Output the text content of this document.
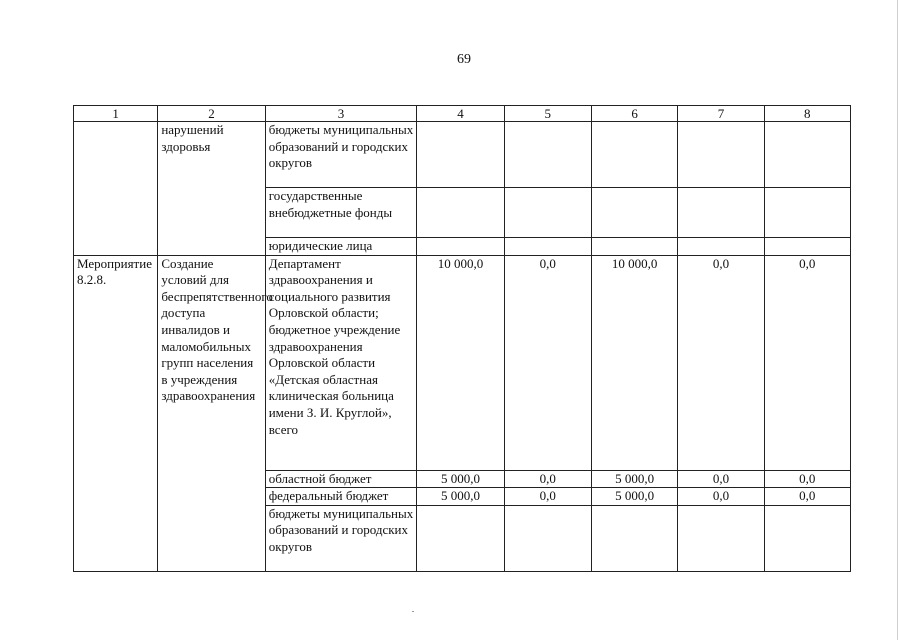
69
1	2	3	4	5	6	7	8
	нарушений здоровья	бюджеты муниципальных образований и городских округов					
		государственные внебюджетные фонды					
		юридические лица					
Мероприятие 8.2.8.	Создание условий для беспрепятственного доступа инвалидов и маломобильных групп населения в учреждения здравоохранения	Департамент здравоохранения и социального развития Орловской области; бюджетное учреждение здравоохранения Орловской области «Детская областная клиническая больница имени З. И. Круглой», всего	10 000,0	0,0	10 000,0	0,0	0,0
		областной бюджет	5 000,0	0,0	5 000,0	0,0	0,0
		федеральный бюджет	5 000,0	0,0	5 000,0	0,0	0,0
		бюджеты муниципальных образований и городских округов					
